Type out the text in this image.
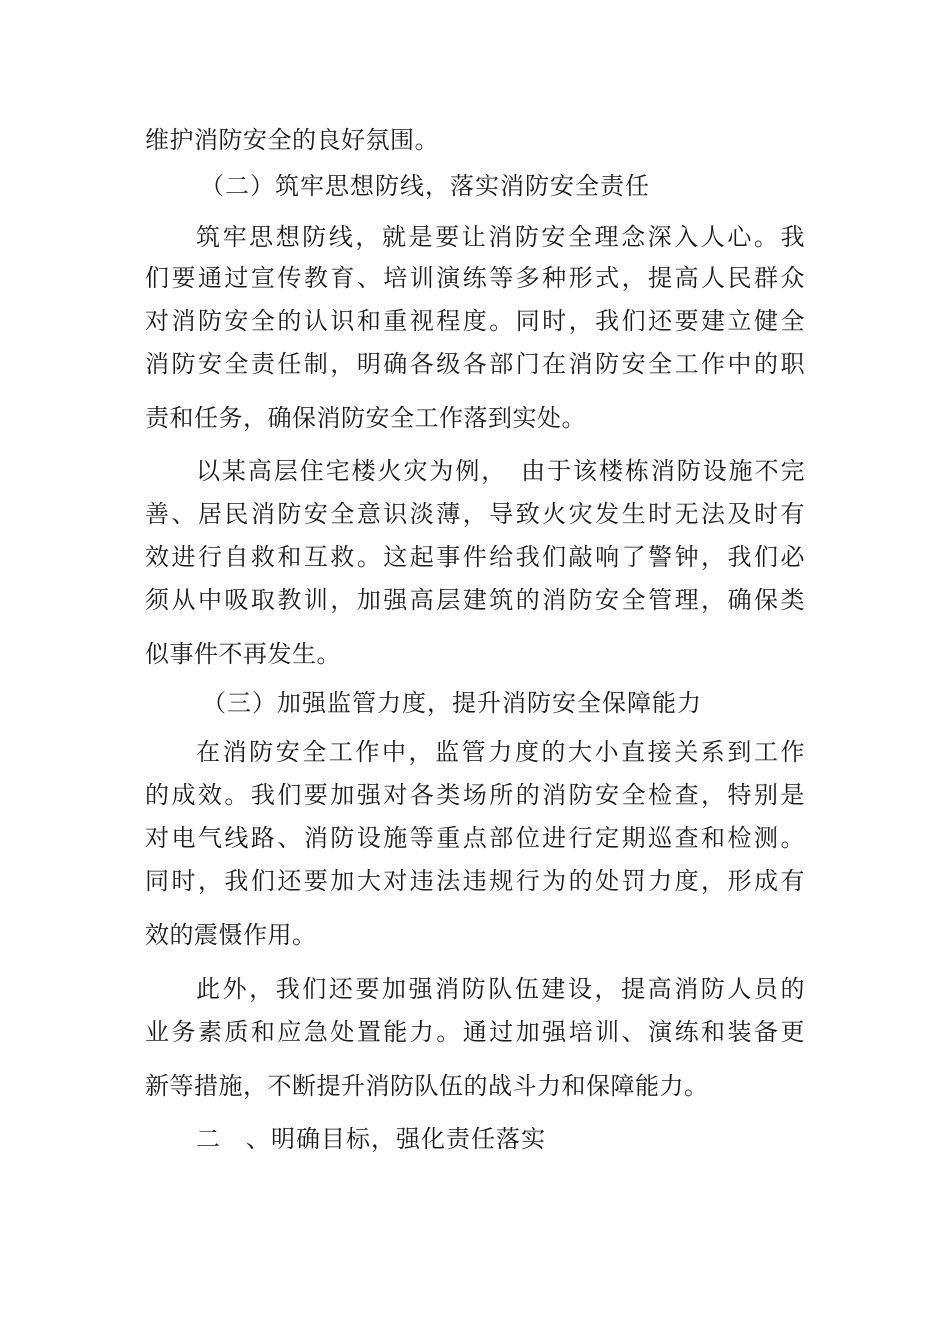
维护消防安全的良好氛围。
（二）筑牢思想防线，落实消防安全责任
筑牢思想防线，就是要让消防安全理念深入人心。我
们要通过宣传教育、培训演练等多种形式，提高人民群众
对消防安全的认识和重视程度。同时，我们还要建立健全
消防安全责任制，明确各级各部门在消防安全工作中的职
责和任务，确保消防安全工作落到实处。
以某高层住宅楼火灾为例，　由于该楼栋消防设施不完
善、居民消防安全意识淡薄，导致火灾发生时无法及时有
效进行自救和互救。这起事件给我们敲响了警钟，我们必
须从中吸取教训，加强高层建筑的消防安全管理，确保类
似事件不再发生。
（三）加强监管力度，提升消防安全保障能力
在消防安全工作中，监管力度的大小直接关系到工作
的成效。我们要加强对各类场所的消防安全检查，特别是
对电气线路、消防设施等重点部位进行定期巡查和检测。
同时，我们还要加大对违法违规行为的处罚力度，形成有
效的震慑作用。
此外，我们还要加强消防队伍建设，提高消防人员的
业务素质和应急处置能力。通过加强培训、演练和装备更
新等措施，不断提升消防队伍的战斗力和保障能力。
二　、明确目标，强化责任落实
